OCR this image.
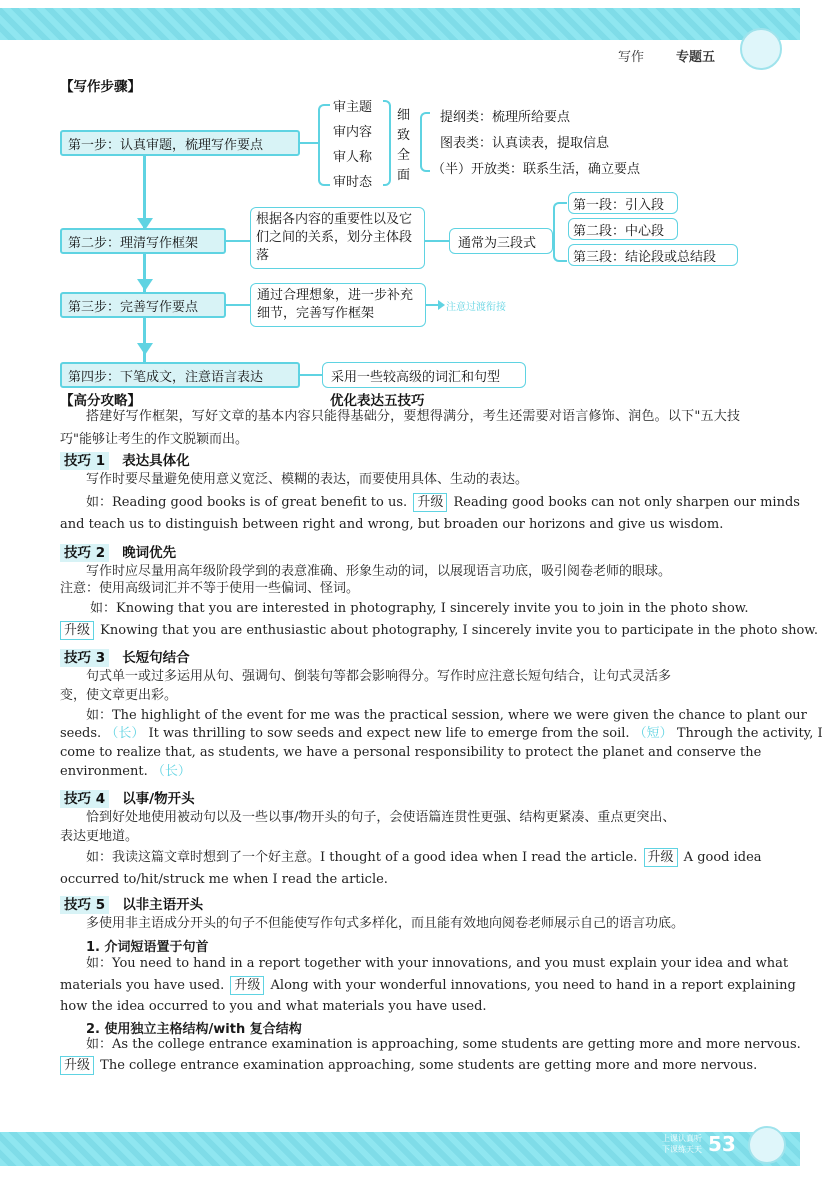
写作 专题五
【写作步骤】
第一步：认真审题，梳理写作要点
第二步：理清写作框架
第三步：完善写作要点
第四步：下笔成文，注意语言表达
审主题
审内容
审人称
审时态
细
致
全
面
提纲类：梳理所给要点
图表类：认真读表，提取信息
（半）开放类：联系生活，确立要点
根据各内容的重要性以及它们之间的关系，划分主体段落
通常为三段式
第一段：引入段
第二段：中心段
第三段：结论段或总结段
通过合理想象，进一步补充细节，完善写作框架	注意过渡衔接
采用一些较高级的词汇和句型
【高分攻略】	优化表达五技巧
搭建好写作框架，写好文章的基本内容只能得基础分，要想得满分，考生还需要对语言修饰、润色。以下"五大技巧"能够让考生的作文脱颖而出。
技巧 1 表达具体化
写作时要尽量避免使用意义宽泛、模糊的表达，而要使用具体、生动的表达。
如：Reading good books is of great benefit to us. 升级 Reading good books can not only sharpen our minds
and teach us to distinguish between right and wrong, but broaden our horizons and give us wisdom.
技巧 2 晚词优先
写作时应尽量用高年级阶段学到的表意准确、形象生动的词，以展现语言功底，吸引阅卷老师的眼球。
注意：使用高级词汇并不等于使用一些偏词、怪词。
如：Knowing that you are interested in photography, I sincerely invite you to join in the photo show.
升级 Knowing that you are enthusiastic about photography, I sincerely invite you to participate in the photo show.
技巧 3 长短句结合
句式单一或过多运用从句、强调句、倒装句等都会影响得分。写作时应注意长短句结合，让句式灵活多
变，使文章更出彩。
如：The highlight of the event for me was the practical session, where we were given the chance to plant our
seeds. （长） It was thrilling to sow seeds and expect new life to emerge from the soil. （短） Through the activity, I
come to realize that, as students, we have a personal responsibility to protect the planet and conserve the
environment. （长）
技巧 4 以事/物开头
恰到好处地使用被动句以及一些以事/物开头的句子，会使语篇连贯性更强、结构更紧凑、重点更突出、
表达更地道。
如：我读这篇文章时想到了一个好主意。I thought of a good idea when I read the article. 升级 A good idea
occurred to/hit/struck me when I read the article.
技巧 5 以非主语开头
多使用非主语成分开头的句子不但能使写作句式多样化，而且能有效地向阅卷老师展示自己的语言功底。
1. 介词短语置于句首
如：You need to hand in a report together with your innovations, and you must explain your idea and what
materials you have used. 升级 Along with your wonderful innovations, you need to hand in a report explaining
how the idea occurred to you and what materials you have used.
2. 使用独立主格结构/with 复合结构
如：As the college entrance examination is approaching, some students are getting more and more nervous.
升级 The college entrance examination approaching, some students are getting more and more nervous.
上课认真听
下课练天天 53
